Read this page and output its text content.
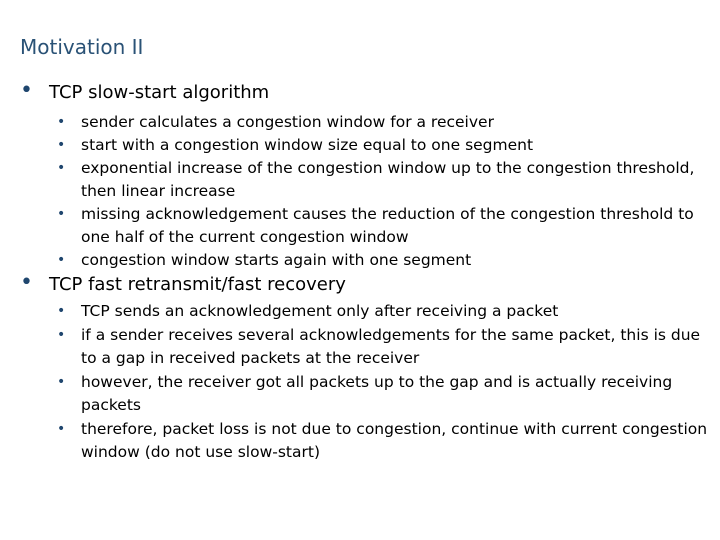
Motivation II
• TCP slow-start algorithm
• sender calculates a congestion window for a receiver
• start with a congestion window size equal to one segment
• exponential increase of the congestion window up to the congestion threshold, then linear increase
• missing acknowledgement causes the reduction of the congestion threshold to one half of the current congestion window
• congestion window starts again with one segment
• TCP fast retransmit/fast recovery
• TCP sends an acknowledgement only after receiving a packet
• if a sender receives several acknowledgements for the same packet, this is due to a gap in received packets at the receiver
• however, the receiver got all packets up to the gap and is actually receiving packets
• therefore, packet loss is not due to congestion, continue with current congestion window (do not use slow-start)
